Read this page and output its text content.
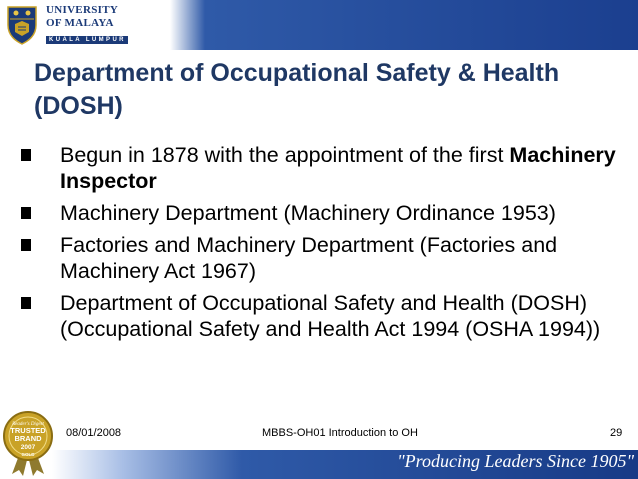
UNIVERSITY
OF MALAYA
KUALA LUMPUR
Department of Occupational Safety & Health (DOSH)
Begun in 1878 with the appointment of the first Machinery Inspector
Machinery Department (Machinery Ordinance 1953)
Factories and Machinery Department (Factories and Machinery Act 1967)
Department of Occupational Safety and Health (DOSH) (Occupational Safety and Health Act 1994 (OSHA 1994))
Reader's Digest
TRUSTED
BRAND
2007
GOLD
08/01/2008	MBBS-OH01 Introduction to OH	29
"Producing Leaders Since 1905"
